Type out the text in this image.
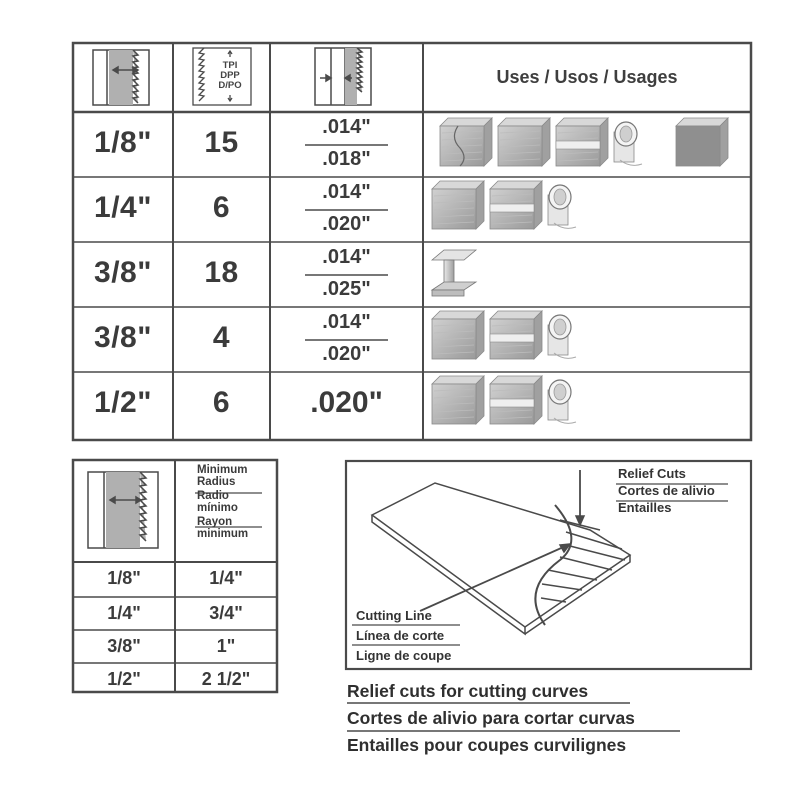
TPI
DPP
D/PO	Uses / Usos / Usages
1/8"	15	.014"
.018"
1/4"	6	.014"
.020"
3/8"	18	.014"
.025"
3/8"	4	.014"
.020"
1/2"	6	.020"
Minimum
Radius
Radio
mínimo
Rayon
minimum
1/8"	1/4"
1/4"	3/4"
3/8"	1"
1/2"	2 1/2"
Relief Cuts
Cortes de alivio
Entailles
Cutting Line
Línea de corte
Ligne de coupe
Relief cuts for cutting curves
Cortes de alivio para cortar curvas
Entailles pour coupes curvilignes
